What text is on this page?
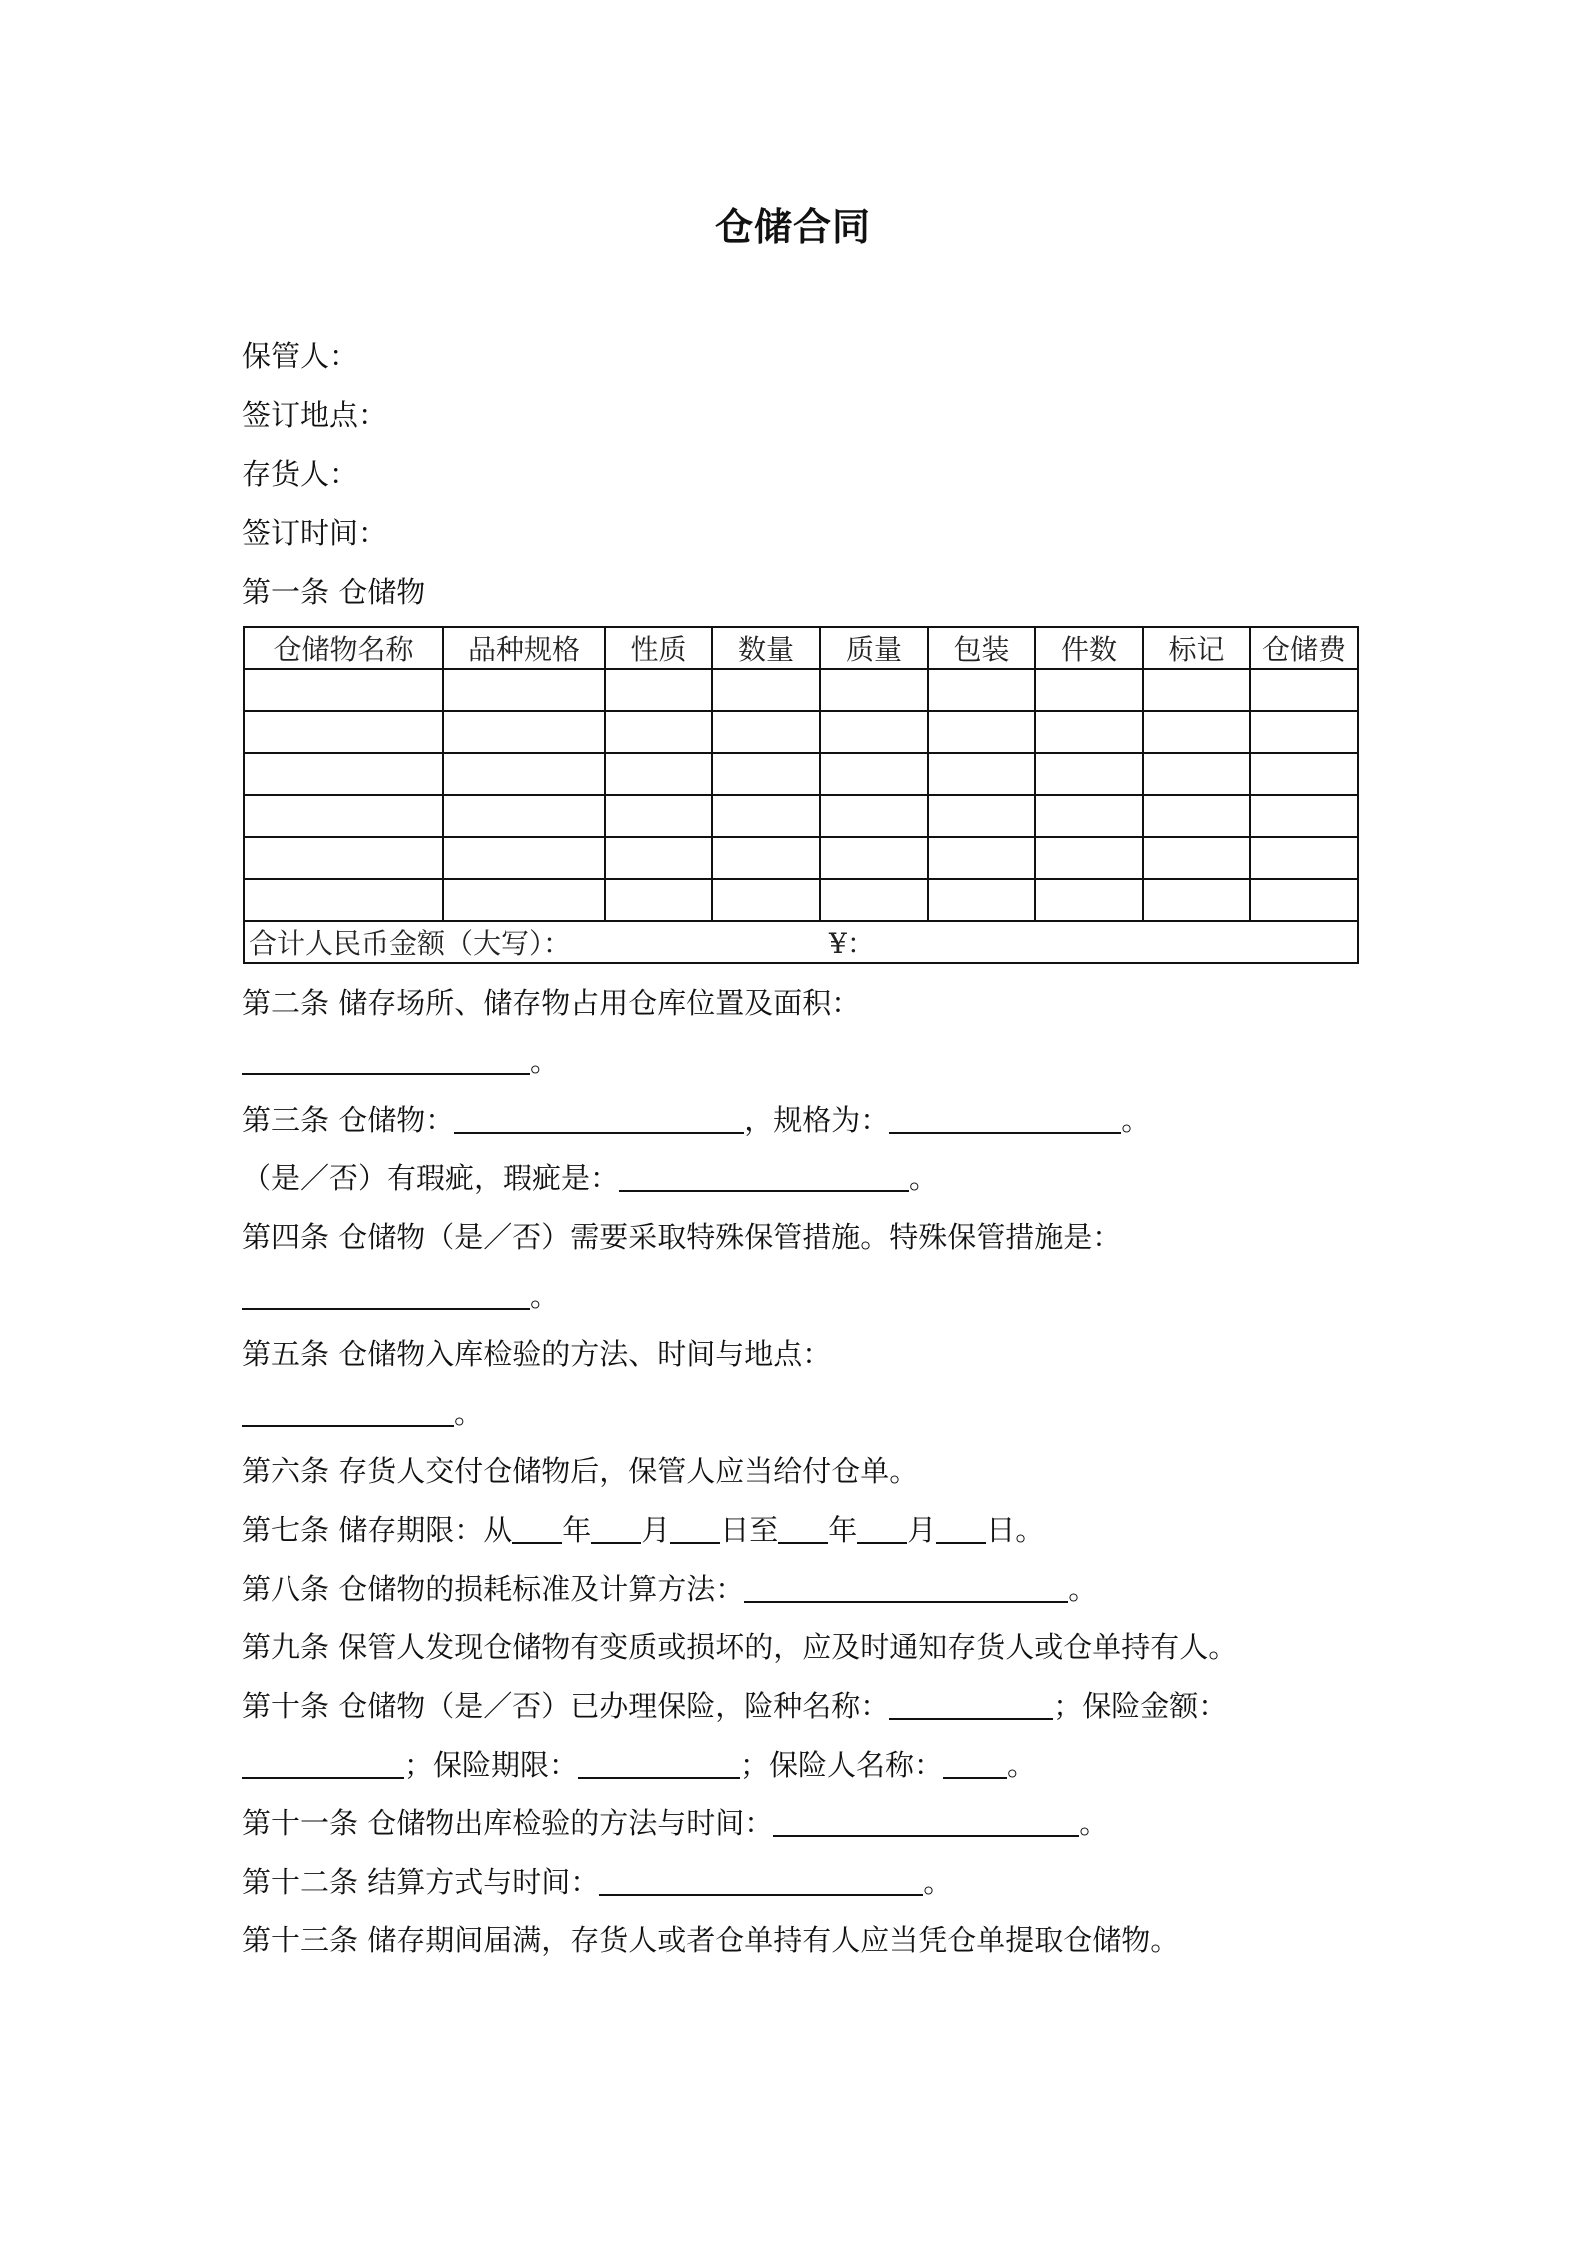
仓储合同
保管人：
签订地点：
存货人：
签订时间：
第一条 仓储物
仓储物名称	品种规格	性质	数量	质量	包装	件数	标记	仓储费

合计人民币金额（大写）： ¥：								
第二条 储存场所、储存物占用仓库位置及面积：
。
第三条 仓储物：	，规格为：	。
（是／否）有瑕疵，瑕疵是：	。
第四条 仓储物（是／否）需要采取特殊保管措施。特殊保管措施是：
。
第五条 仓储物入库检验的方法、时间与地点：
。
第六条 存货人交付仓储物后，保管人应当给付仓单。
第七条 储存期限：从 年 月 日至 年 月 日。
第八条 仓储物的损耗标准及计算方法：	。
第九条 保管人发现仓储物有变质或损坏的，应及时通知存货人或仓单持有人。
第十条 仓储物（是／否）已办理保险，险种名称：	；保险金额：
；保险期限：	；保险人名称： 。
第十一条 仓储物出库检验的方法与时间：	。
第十二条 结算方式与时间：	。
第十三条 储存期间届满，存货人或者仓单持有人应当凭仓单提取仓储物。
